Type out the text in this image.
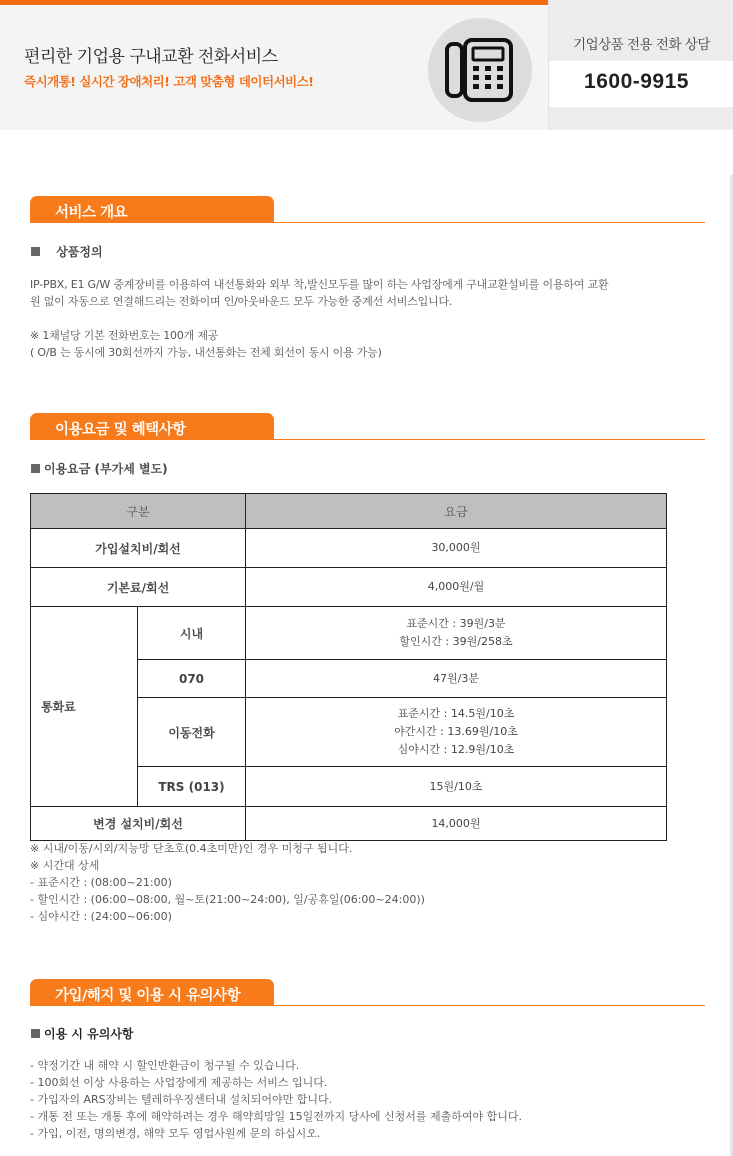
편리한 기업용 구내교환 전화서비스
즉시개통! 실시간 장애처리! 고객 맞춤형 데이터서비스!
기업상품 전용 전화 상담
1600-9915
서비스 개요
상품정의
IP-PBX, E1 G/W 중계장비를 이용하여 내선통화와 외부 착,발신모두를 많이 하는 사업장에게 구내교환설비를 이용하여 교환
원 없이 자동으로 연결해드리는 전화이며 인/아웃바운드 모두 가능한 중계선 서비스입니다.
※ 1채널당 기본 전화번호는 100개 제공
( O/B 는 동시에 30회선까지 가능, 내선통화는 전체 회선이 동시 이용 가능)
이용요금 및 혜택사항
이용요금 (부가세 별도)
구분		요금
가입설치비/회선		30,000원
기본료/회선		4,000원/월
통화료	시내	표준시간 : 39원/3분
할인시간 : 39원/258초

	070	47원/3분
	이동전화	표준시간 : 14.5원/10초
야간시간 : 13.69원/10초
심야시간 : 12.9원/10초

	TRS (013)	15원/10초
변경 설치비/회선		14,000원
※ 시내/이동/시외/지능망 단초호(0.4초미만)인 경우 미청구 됩니다.
※ 시간대 상세
- 표준시간 : (08:00~21:00)
- 할인시간 : (06:00~08:00, 월~토(21:00~24:00), 일/공휴일(06:00~24:00))
- 심야시간 : (24:00~06:00)
가입/해지 및 이용 시 유의사항
이용 시 유의사항
- 약정기간 내 해약 시 할인반환금이 청구될 수 있습니다.
- 100회선 이상 사용하는 사업장에게 제공하는 서비스 입니다.
- 가입자의 ARS장비는 텔레하우징센터내 설치되어야만 합니다.
- 개통 전 또는 개통 후에 해약하려는 경우 해약희망일 15일전까지 당사에 신청서를 제출하여야 합니다.
- 가입, 이전, 명의변경, 해약 모두 영업사원께 문의 하십시오.
